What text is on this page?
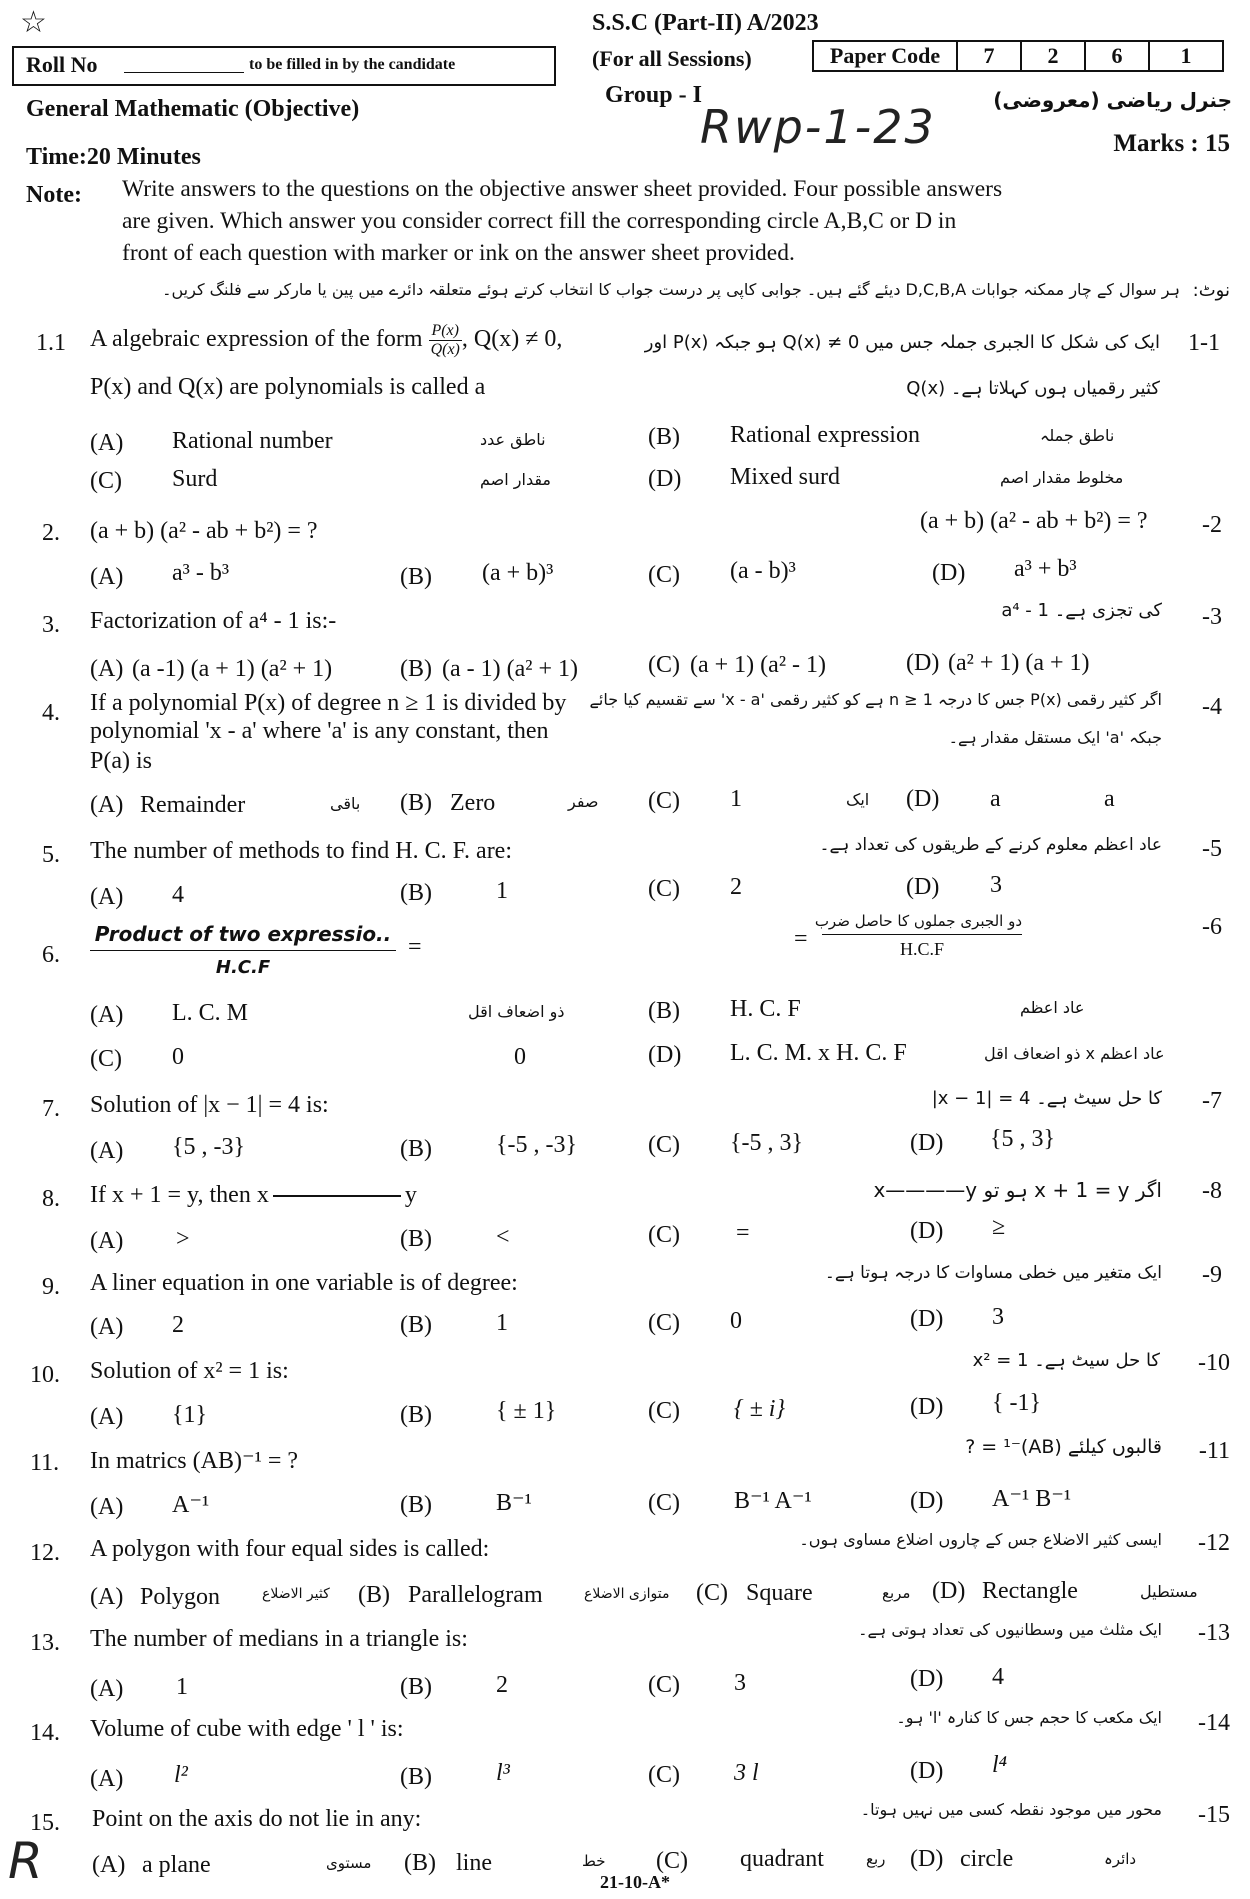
☆
Roll No	to be filled in by the candidate
S.S.C (Part-II) A/2023
(For all Sessions)	Paper Code	7	2	6	1
Group - I
Rwp-1-23
General Mathematic (Objective)	جنرل ریاضی (معروضی)
Time:20 Minutes	Marks : 15
Note: Write answers to the questions on the objective answer sheet provided. Four possible answers
are given. Which answer you consider correct fill the corresponding circle A,B,C or D in
front of each question with marker or ink on the answer sheet provided.
نوٹ:
ہر سوال کے چار ممکنہ جوابات D,C,B,A دیئے گئے ہیں۔ جوابی کاپی پر درست جواب کا انتخاب کرتے ہوئے متعلقہ دائرے میں پین یا مارکر سے فلنگ کریں۔
1.1 A algebraic expression of the form $\frac{P(x)}{Q(x)}$ , Q(x) ≠ 0,
P(x) and Q(x) are polynomials is called a
1-1
ایک کی شکل کا الجبری جملہ جس میں Q(x) ≠ 0 ہو جبکہ P(x) اور
Q(x) کثیر رقمیاں ہوں کہلاتا ہے۔
(A) Rational number	ناطق عدد	(B) Rational expression	ناطق جملہ
(C) Surd	مقدار اصم	(D) Mixed surd	مخلوط مقدار اصم
2. (a + b) (a² - ab + b²) = ?	(a + b) (a² - ab + b²) = ? -2
(A) a³ - b³	(B) (a + b)³	(C) (a - b)³	(D) a³ + b³
3. Factorization of a⁴ - 1 is:-	-3
a⁴ - 1 کی تجزی ہے۔
(A) (a -1) (a + 1) (a² + 1)	(B) (a - 1) (a² + 1)	(C) (a + 1) (a² - 1)	(D) (a² + 1) (a + 1)
4. If a polynomial P(x) of degree n ≥ 1 is divided by
polynomial 'x - a' where 'a' is any constant, then
P(a) is
-4
اگر کثیر رقمی P(x) جس کا درجہ n ≥ 1 ہے کو کثیر رقمی 'x - a' سے تقسیم کیا جائے
جبکہ 'a' ایک مستقل مقدار ہے۔
(A) Remainder	باقی (B) Zero	صفر (C) 1	ایک (D) a	a
5. The number of methods to find H. C. F. are:	-5
عاد اعظم معلوم کرنے کے طریقوں کی تعداد ہے۔
(A) 4	(B)	1	(C) 2	(D) 3
6.
Product of two expressio..
H.C.F
=	=
دو الجبری جملوں کا حاصل ضرب
H.C.F
-6
(A) L. C. M	ذو اضعاف اقل	(B) H. C. F	عاد اعظم
(C) 0	0	(D) L. C. M. x H. C. F	عاد اعظم x ذو اضعاف اقل
7. Solution of |x − 1| = 4 is:	-7
|x − 1| = 4 کا حل سیٹ ہے۔
(A) {5 , -3}	(B)	{-5 , -3}	(C) {-5 , 3}	(D) {5 , 3}
8. If x + 1 = y, then x	y	-8
اگر x + 1 = y ہو تو x————y
(A) >	(B)	<	(C) =	(D) ≥
9. A liner equation in one variable is of degree:	-9
ایک متغیر میں خطی مساوات کا درجہ ہوتا ہے۔
(A) 2	(B)	1	(C) 0	(D) 3
10. Solution of x² = 1 is:	-10
x² = 1 کا حل سیٹ ہے۔
(A) {1}	(B)	{ ± 1}	(C) { ± i}	(D) { -1}
11. In matrics (AB)⁻¹ = ?	-11
قالبوں کیلئے (AB)⁻¹ = ?
(A) A⁻¹	(B)	B⁻¹	(C) B⁻¹ A⁻¹	(D) A⁻¹ B⁻¹
12. A polygon with four equal sides is called:	-12
ایسی کثیر الاضلاع جس کے چاروں اضلاع مساوی ہوں۔
(A) Polygon	کثیر الاضلاع (B) Parallelogram	متوازی الاضلاع (C) Square	مربع (D) Rectangle	مستطیل
13. The number of medians in a triangle is:	-13
ایک مثلث میں وسطانیوں کی تعداد ہوتی ہے۔
(A) 1	(B)	2	(C) 3	(D) 4
14. Volume of cube with edge ' l ' is:	-14
ایک مکعب کا حجم جس کا کنارہ 'l' ہو۔
(A) l²	(B)	l³	(C) 3 l	(D) l⁴
15. Point on the axis do not lie in any:	-15
محور میں موجود نقطہ کسی میں نہیں ہوتا۔
(A) a plane	مستوی (B) line	خط (C) quadrant	ربع (D) circle	دائرہ
R	21-10-A*
